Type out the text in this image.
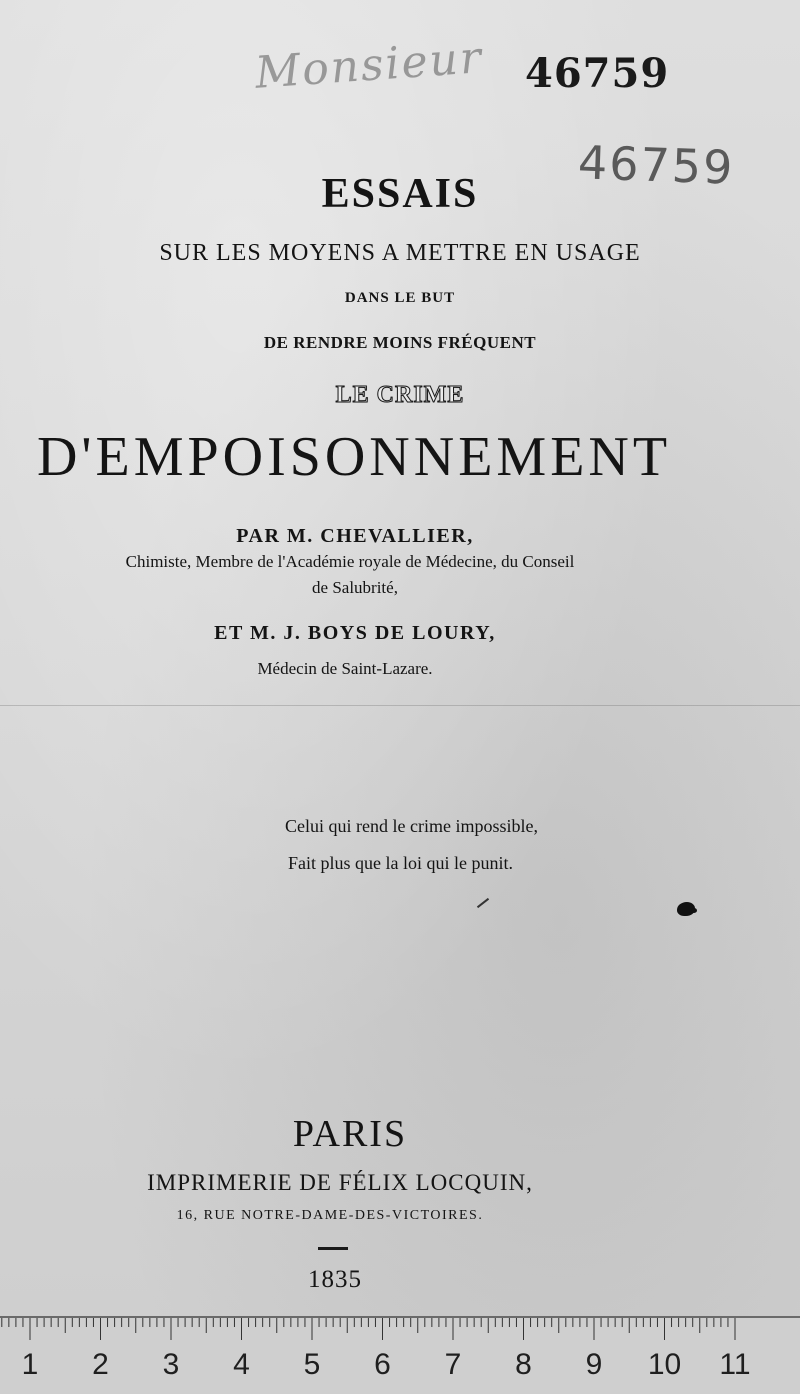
Monsieur 46759
46759
ESSAIS
SUR LES MOYENS A METTRE EN USAGE
DANS LE BUT
DE RENDRE MOINS FRÉQUENT
LE CRIME
D'EMPOISONNEMENT
PAR M. CHEVALLIER,
Chimiste, Membre de l'Académie royale de Médecine, du Conseil
de Salubrité,
ET M. J. BOYS DE LOURY,
Médecin de Saint-Lazare.
Celui qui rend le crime impossible,
Fait plus que la loi qui le punit.
PARIS
IMPRIMERIE DE FÉLIX LOCQUIN,
16, RUE NOTRE-DAME-DES-VICTOIRES.
1835
1 2 3 4 5 6 7 8 9 10 11
